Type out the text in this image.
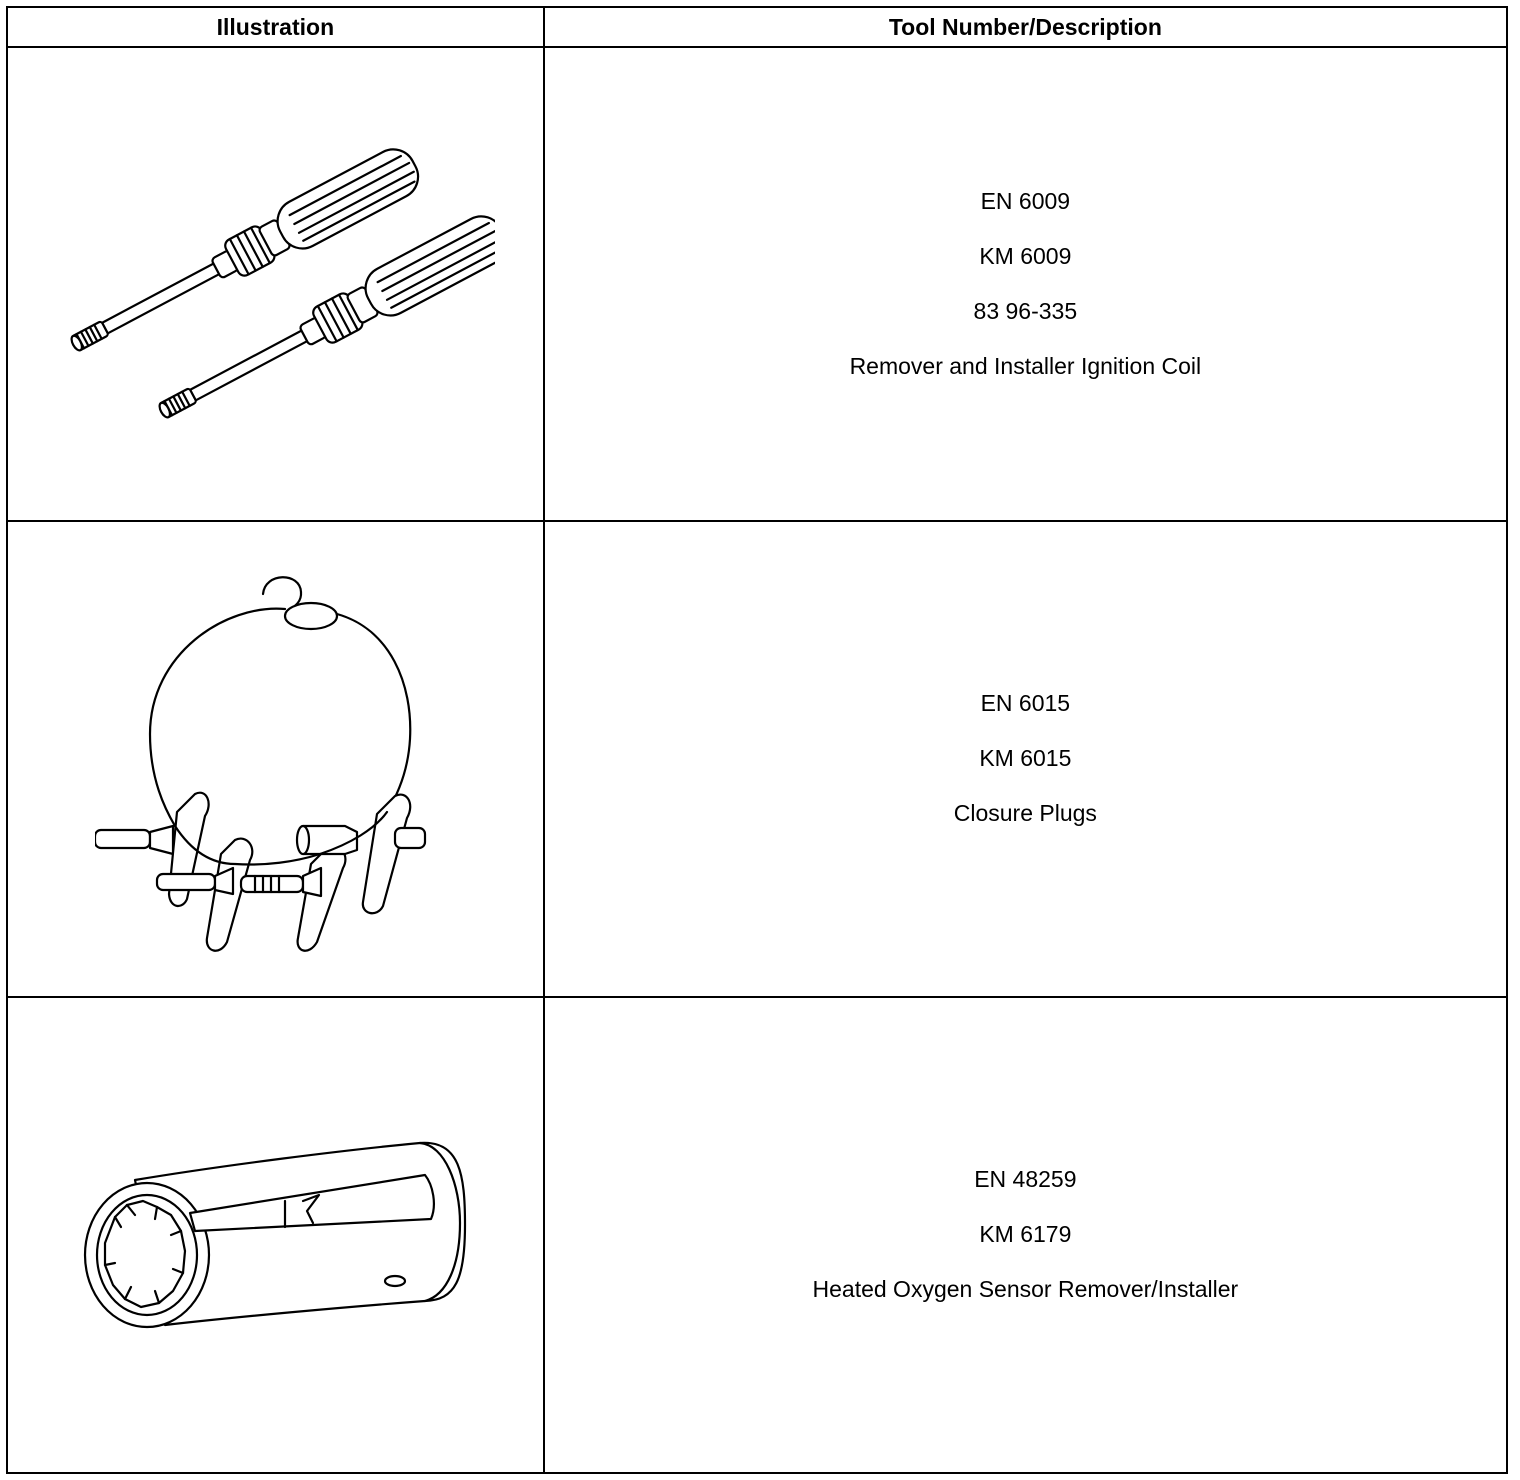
Illustration	Tool Number/Description

EN 6009
KM 6009
83 96-335
Remover and Installer Ignition Coil

EN 6015
KM 6015
Closure Plugs

EN 48259
KM 6179
Heated Oxygen Sensor Remover/Installer
